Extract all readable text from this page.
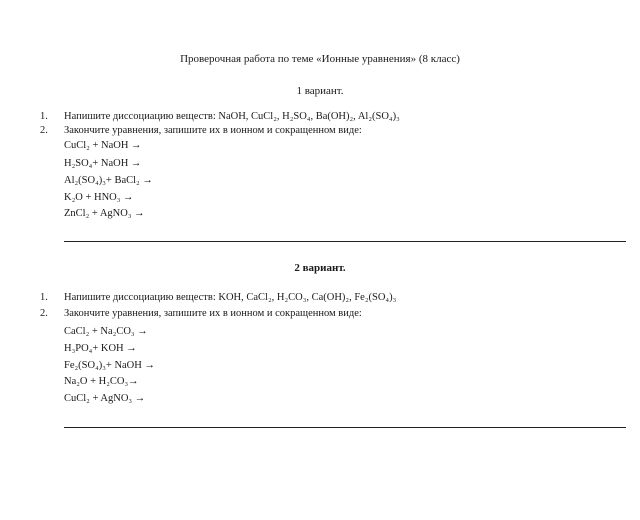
Проверочная работа по теме «Ионные уравнения» (8 класс)
1 вариант.
1. Напишите диссоциацию веществ: NaOH, CuCl₂, H₂SO₄, Ba(OH)₂, Al₂(SO₄)₃
2. Закончите уравнения, запишите их в ионном и сокращенном виде:
CuCl₂ + NaOH →
H₂SO₄+ NaOH →
Al₂(SO₄)₃+ BaCl₂ →
K₂O + HNO₃ →
ZnCl₂ + AgNO₃ →
2 вариант.
1. Напишите диссоциацию веществ: KOH, CaCl₂, H₂CO₃, Ca(OH)₂, Fe₂(SO₄)₃
2. Закончите уравнения, запишите их в ионном и сокращенном виде:
CaCl₂ + Na₂CO₃ →
H₃PO₄+ KOH →
Fe₂(SO₄)₃+ NaOH →
Na₂O + H₂CO₃→
CuCl₂ + AgNO₃ →
